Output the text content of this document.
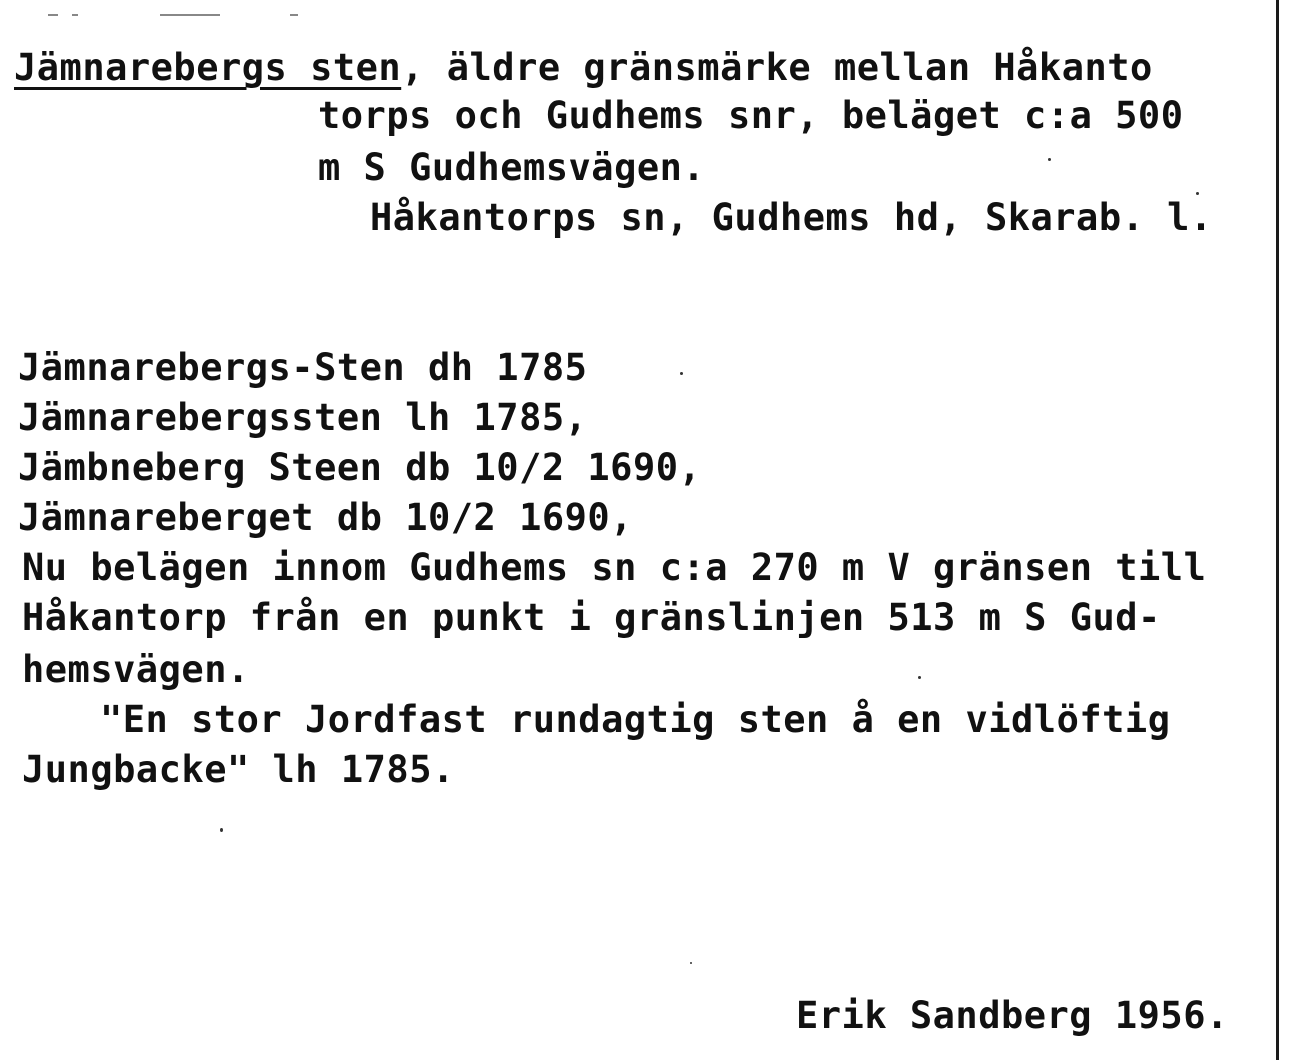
Jämnarebergs sten, äldre gränsmärke mellan Håkanto
torps och Gudhems snr, beläget c:a 500
m S Gudhemsvägen.
Håkantorps sn, Gudhems hd, Skarab. l.
Jämnarebergs-Sten dh 1785
Jämnarebergssten lh 1785,
Jämbneberg Steen db 10/2 1690,
Jämnareberget db 10/2 1690,
Nu belägen innom Gudhems sn c:a 270 m V gränsen till
Håkantorp från en punkt i gränslinjen 513 m S Gud-
hemsvägen.
"En stor Jordfast rundagtig sten å en vidlöftig
Jungbacke" lh 1785.
Erik Sandberg 1956.
